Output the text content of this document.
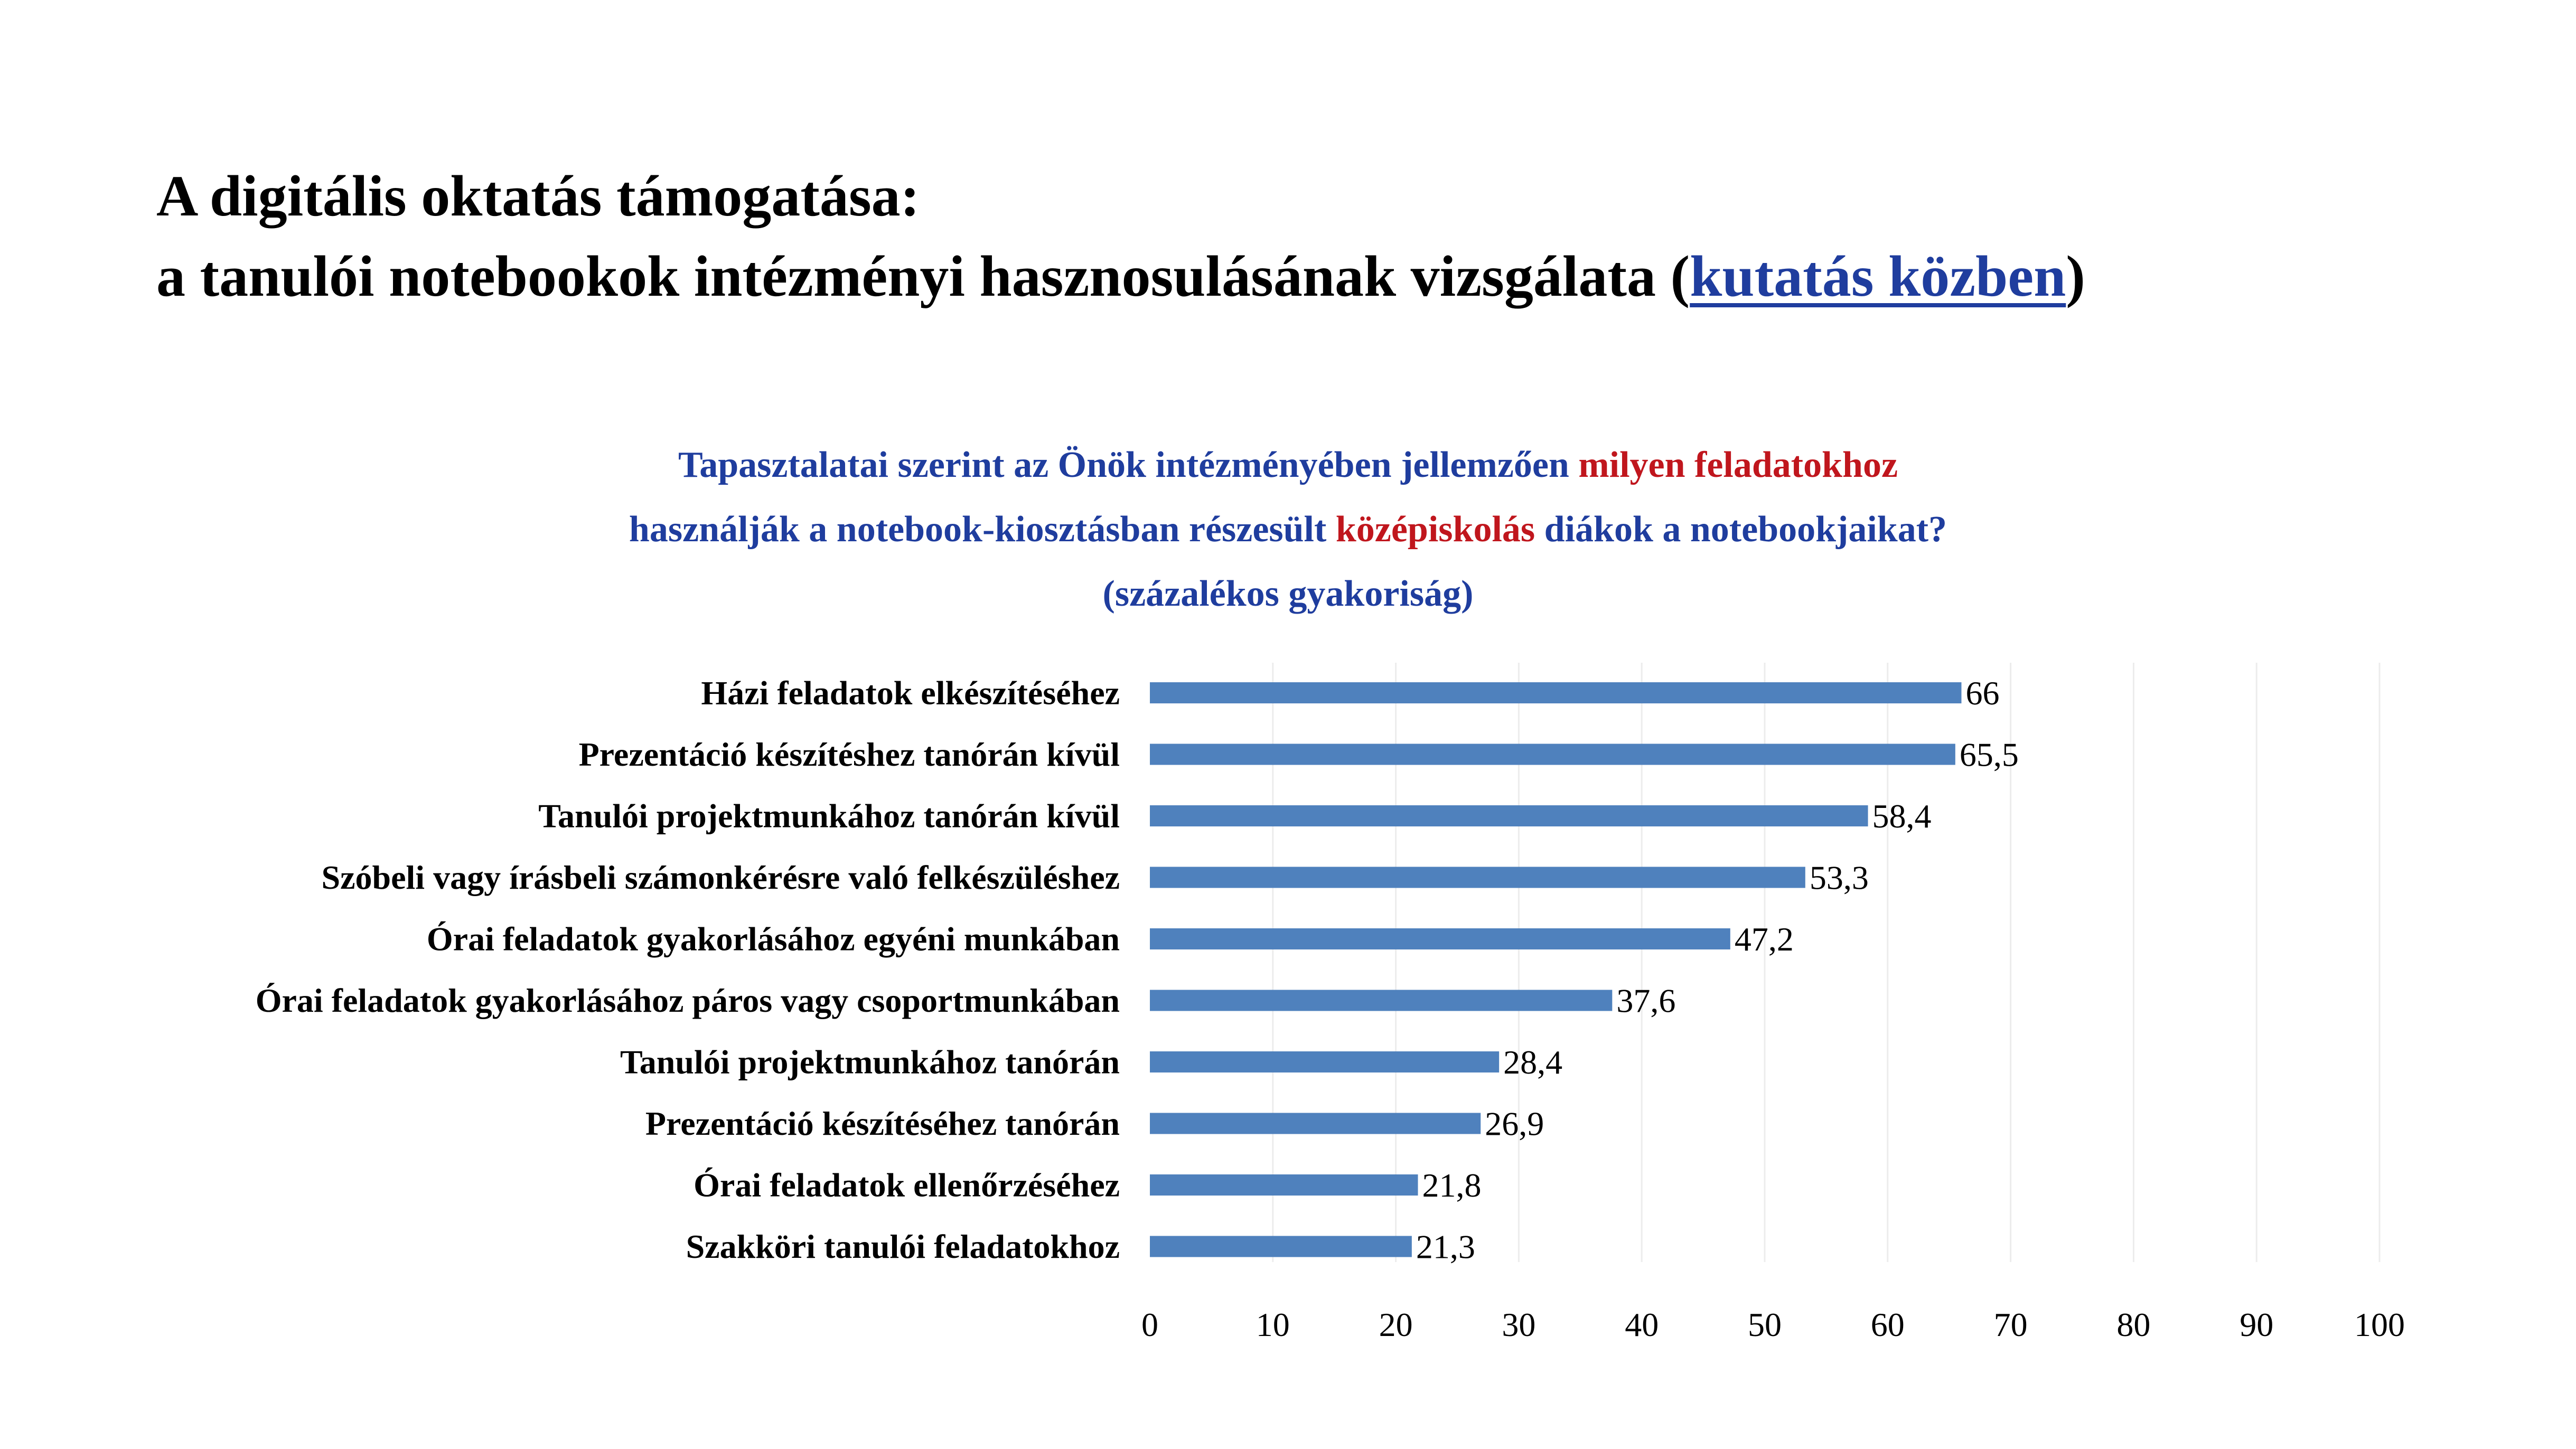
A digitális oktatás támogatása:
a tanulói notebookok intézményi hasznosulásának vizsgálata (kutatás közben)
Tapasztalatai szerint az Önök intézményében jellemzően milyen feladatokhoz
használják a notebook-kiosztásban részesült középiskolás diákok a notebookjaikat?
(százalékos gyakoriság)
Házi feladatok elkészítéséhez	66
Prezentáció készítéshez tanórán kívül	65,5
Tanulói projektmunkához tanórán kívül	58,4
Szóbeli vagy írásbeli számonkérésre való felkészüléshez	53,3
Órai feladatok gyakorlásához egyéni munkában	47,2
Órai feladatok gyakorlásához páros vagy csoportmunkában	37,6
Tanulói projektmunkához tanórán	28,4
Prezentáció készítéséhez tanórán	26,9
Órai feladatok ellenőrzéséhez	21,8
Szakköri tanulói feladatokhoz	21,3
0	10	20	30	40	50	60	70	80	90 100
